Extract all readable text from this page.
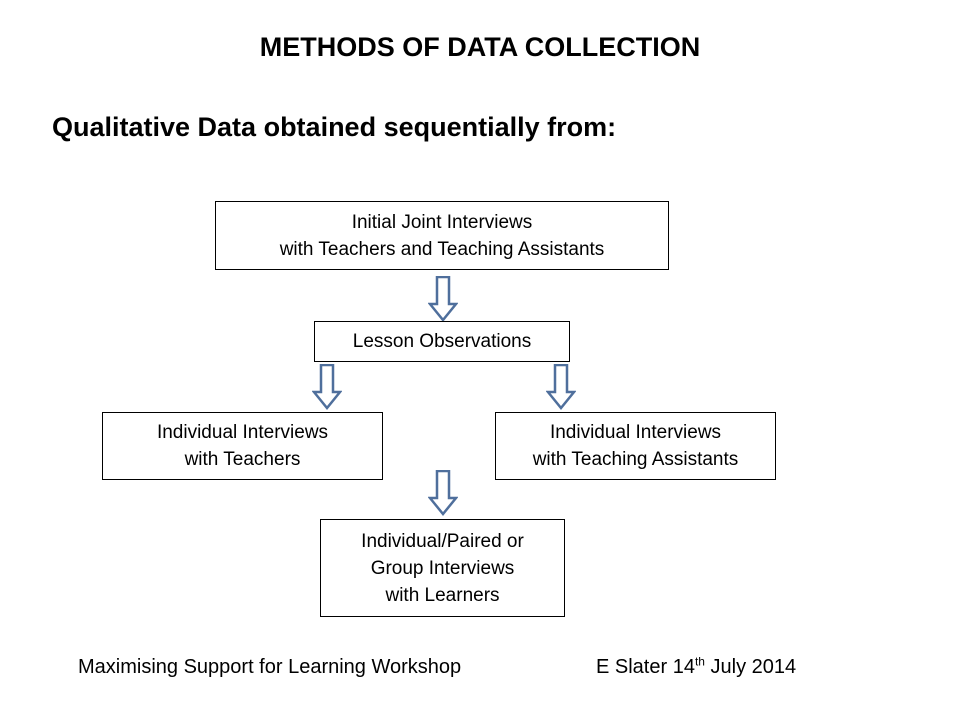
METHODS OF DATA COLLECTION
Qualitative Data obtained sequentially from:
Initial Joint Interviews
with Teachers and Teaching Assistants
Lesson Observations
Individual Interviews
with Teachers
Individual Interviews
with Teaching Assistants
Individual/Paired or
Group Interviews
with Learners
Maximising Support for Learning Workshop	E Slater 14th July 2014
